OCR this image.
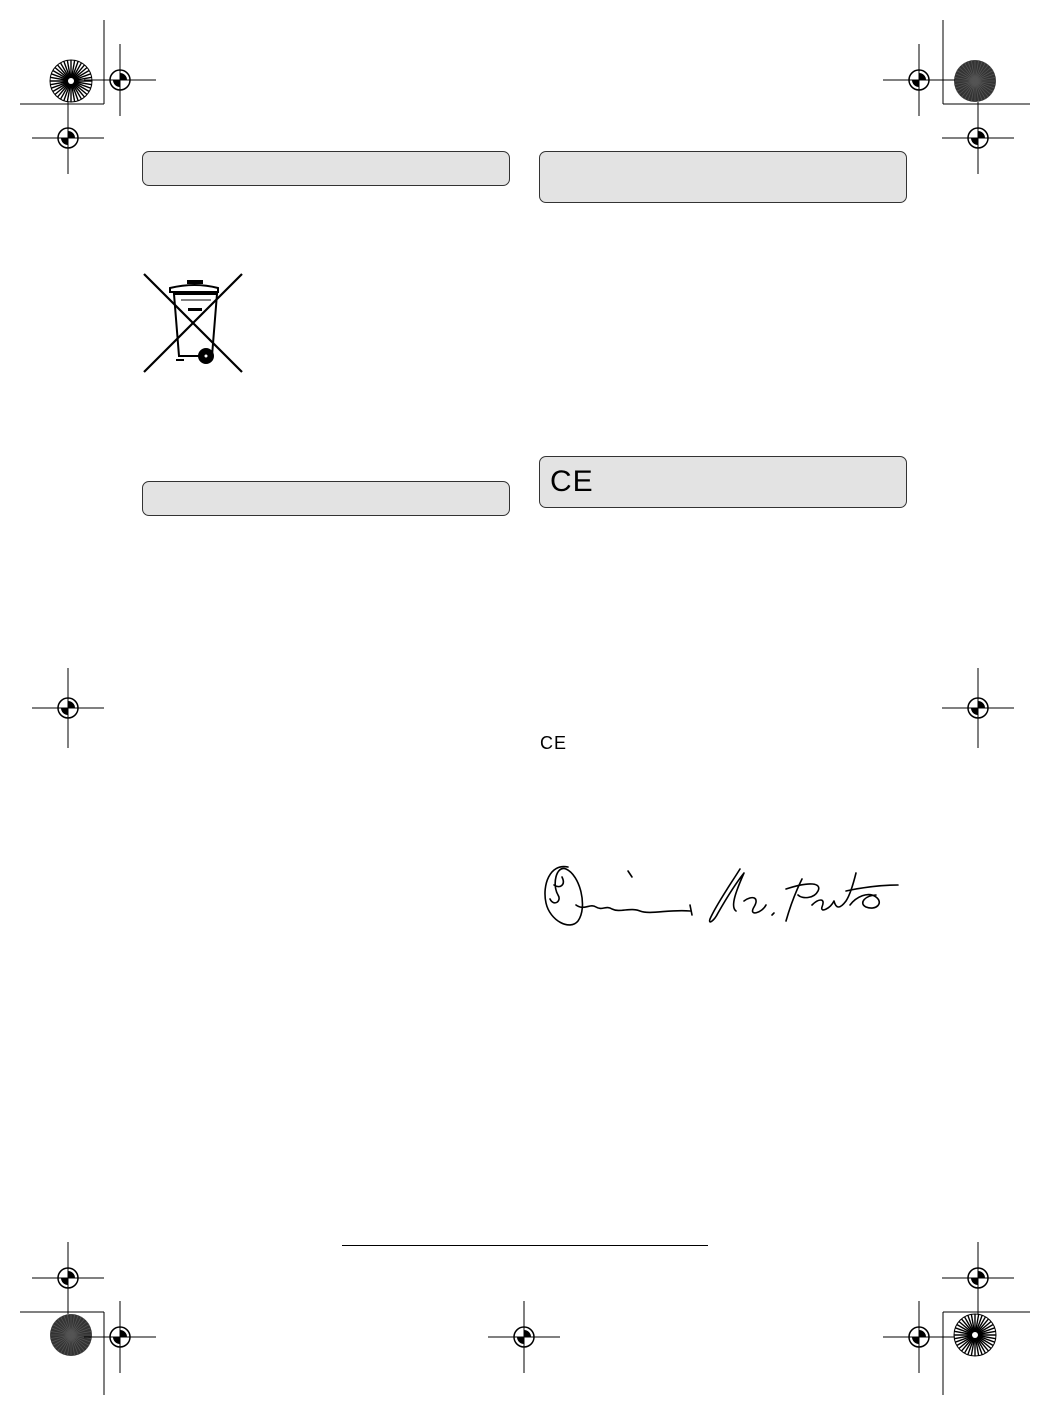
CE
CE
